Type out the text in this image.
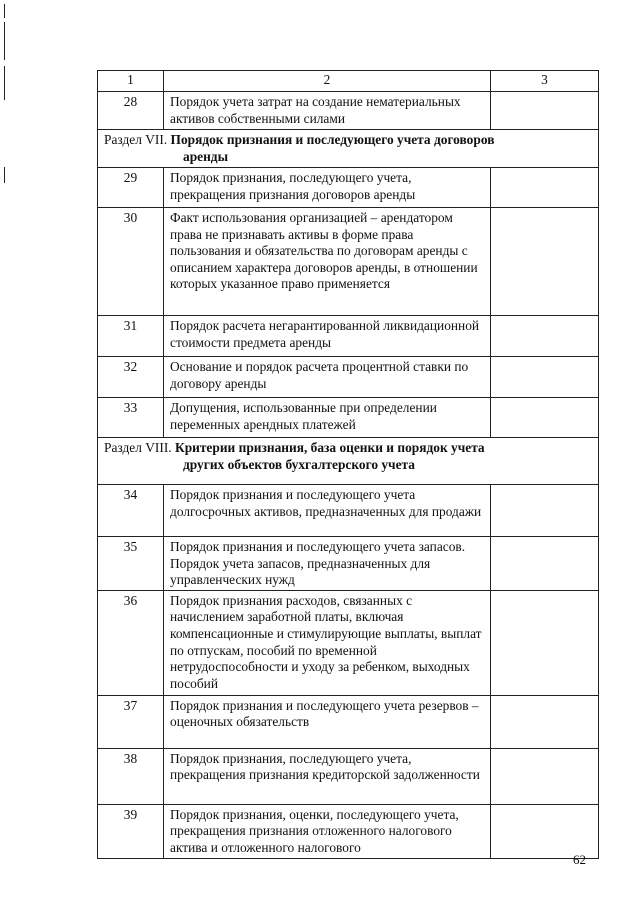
1	2	3
28	Порядок учета затрат на создание нематериальных активов собственными силами	

Раздел VII. Порядок признания и последующего учета договоров
аренды		

29	Порядок признания, последующего учета, прекращения признания договоров аренды	
30	Факт использования организацией – арендатором права не признавать активы в форме права пользования и обязательства по договорам аренды с описанием характера договоров аренды, в отношении которых указанное право применяется	
31	Порядок расчета негарантированной ликвидационной стоимости предмета аренды	
32	Основание и порядок расчета процентной ставки по договору аренды	
33	Допущения, использованные при определении переменных арендных платежей	

Раздел VIII. Критерии признания, база оценки и порядок учета
других объектов бухгалтерского учета		

34	Порядок признания и последующего учета долгосрочных активов, предназначенных для продажи	
35	Порядок признания и последующего учета запасов. Порядок учета запасов, предназначенных для управленческих нужд	
36	Порядок признания расходов, связанных с начислением заработной платы, включая компенсационные и стимулирующие выплаты, выплат по отпускам, пособий по временной нетрудоспособности и уходу за ребенком, выходных пособий	
37	Порядок признания и последующего учета резервов – оценочных обязательств	
38	Порядок признания, последующего учета, прекращения признания кредиторской задолженности	
39	Порядок признания, оценки, последующего учета, прекращения признания отложенного налогового актива и отложенного налогового	
62
